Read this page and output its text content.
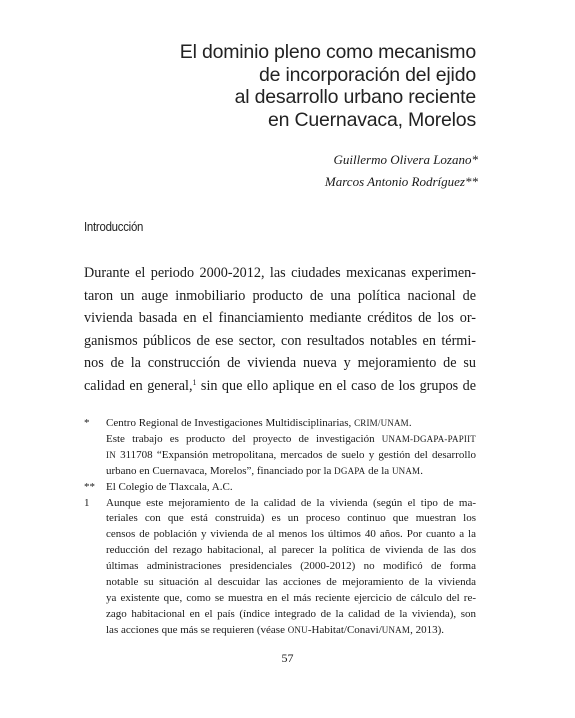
El dominio pleno como mecanismo
de incorporación del ejido
al desarrollo urbano reciente
en Cuernavaca, Morelos
Guillermo Olivera Lozano*
Marcos Antonio Rodríguez**
Introducción
Durante el periodo 2000-2012, las ciudades mexicanas experimen-
taron un auge inmobiliario producto de una política nacional de
vivienda basada en el financiamiento mediante créditos de los or-
ganismos públicos de ese sector, con resultados notables en térmi-
nos de la construcción de vivienda nueva y mejoramiento de su
calidad en general,$^1$ sin que ello aplique en el caso de los grupos de
* Centro Regional de Investigaciones Multidisciplinarias, CRIM/UNAM.
Este trabajo es producto del proyecto de investigación UNAM-DGAPA-PAPIIT
IN 311708 “Expansión metropolitana, mercados de suelo y gestión del desarrollo
urbano en Cuernavaca, Morelos”, financiado por la DGAPA de la UNAM.
** El Colegio de Tlaxcala, A.C.
1 Aunque este mejoramiento de la calidad de la vivienda (según el tipo de ma-
teriales con que está construida) es un proceso continuo que muestran los
censos de población y vivienda de al menos los últimos 40 años. Por cuanto a la
reducción del rezago habitacional, al parecer la política de vivienda de las dos
últimas administraciones presidenciales (2000-2012) no modificó de forma
notable su situación al descuidar las acciones de mejoramiento de la vivienda
ya existente que, como se muestra en el más reciente ejercicio de cálculo del re-
zago habitacional en el país (índice integrado de la calidad de la vivienda), son
las acciones que más se requieren (véase ONU-Habitat/Conavi/UNAM, 2013).
57
